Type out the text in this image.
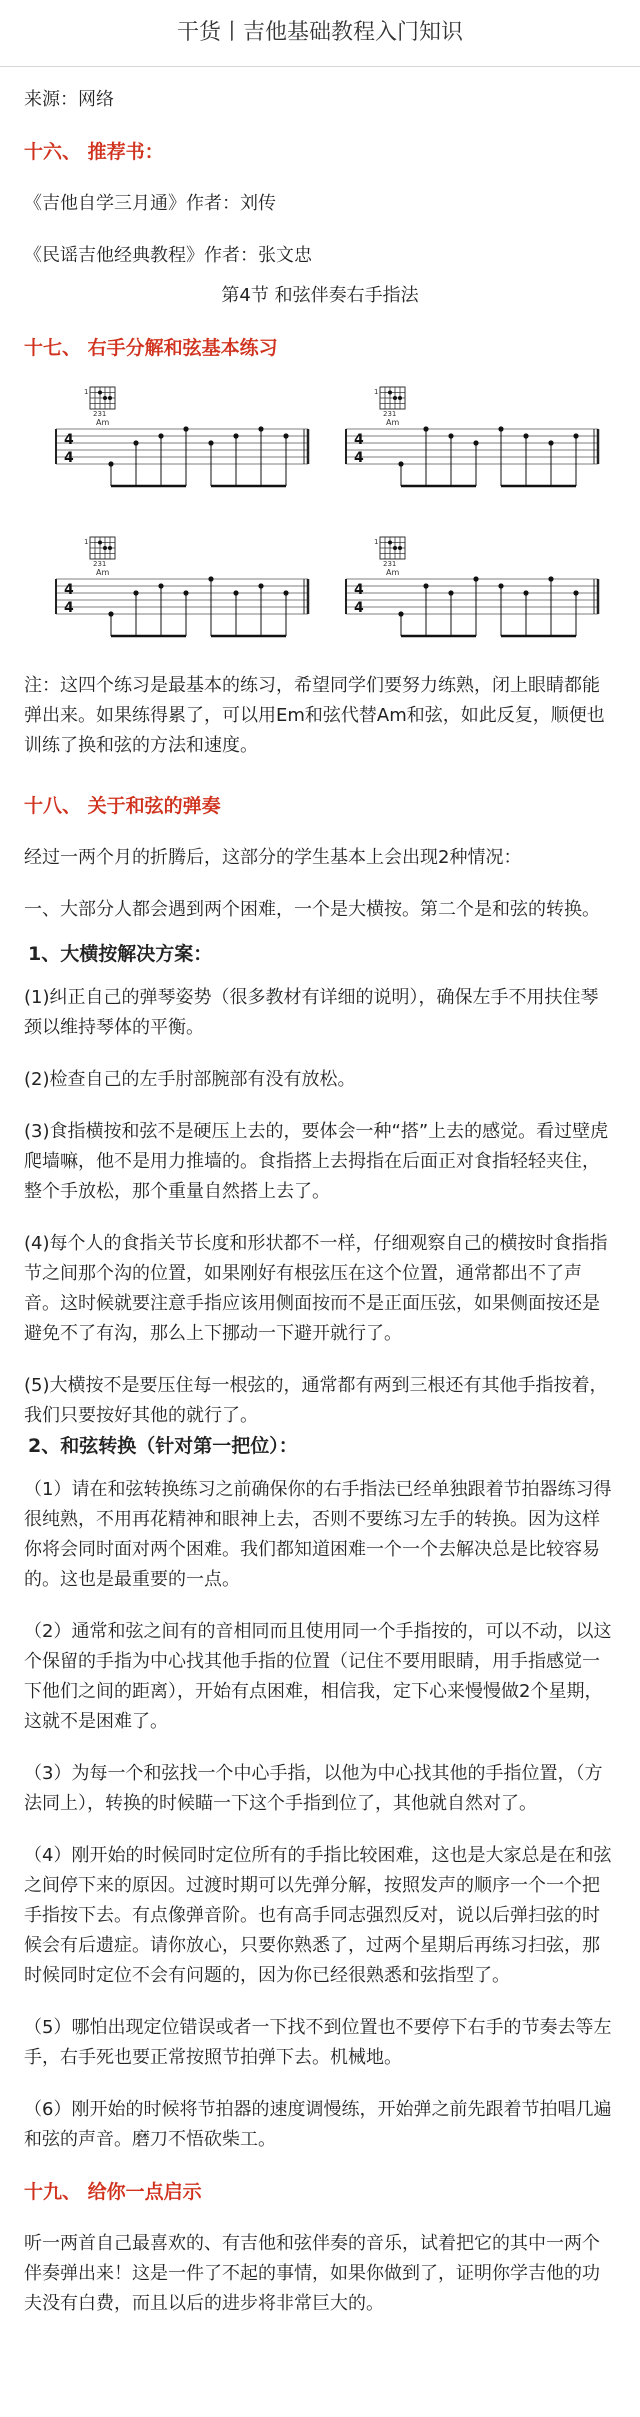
干货丨吉他基础教程入门知识

来源：网络

十六、 推荐书：

《吉他自学三月通》作者：刘传

《民谣吉他经典教程》作者：张文忠

第4节 和弦伴奏右手指法

十七、 右手分解和弦基本练习

1
231
Am
4
4
1
231
Am
4
4
1
231
Am
4
4
1
231
Am
4
4

注：这四个练习是最基本的练习，希望同学们要努力练熟，闭上眼睛都能弹出来。如果练得累了，可以用Em和弦代替Am和弦，如此反复，顺便也训练了换和弦的方法和速度。

十八、 关于和弦的弹奏

经过一两个月的折腾后，这部分的学生基本上会出现2种情况：

一、大部分人都会遇到两个困难，一个是大横按。第二个是和弦的转换。

1、大横按解决方案：

(1)纠正自己的弹琴姿势（很多教材有详细的说明），确保左手不用扶住琴颈以维持琴体的平衡。

(2)检查自己的左手肘部腕部有没有放松。

(3)食指横按和弦不是硬压上去的，要体会一种“搭”上去的感觉。看过壁虎爬墙嘛，他不是用力推墙的。食指搭上去拇指在后面正对食指轻轻夹住，整个手放松，那个重量自然搭上去了。

(4)每个人的食指关节长度和形状都不一样，仔细观察自己的横按时食指指节之间那个沟的位置，如果刚好有根弦压在这个位置，通常都出不了声音。这时候就要注意手指应该用侧面按而不是正面压弦，如果侧面按还是避免不了有沟，那么上下挪动一下避开就行了。

(5)大横按不是要压住每一根弦的，通常都有两到三根还有其他手指按着，我们只要按好其他的就行了。

2、和弦转换（针对第一把位）：

（1）请在和弦转换练习之前确保你的右手指法已经单独跟着节拍器练习得很纯熟，不用再花精神和眼神上去，否则不要练习左手的转换。因为这样你将会同时面对两个困难。我们都知道困难一个一个去解决总是比较容易的。这也是最重要的一点。

（2）通常和弦之间有的音相同而且使用同一个手指按的，可以不动，以这个保留的手指为中心找其他手指的位置（记住不要用眼睛，用手指感觉一下他们之间的距离），开始有点困难，相信我，定下心来慢慢做2个星期，这就不是困难了。

（3）为每一个和弦找一个中心手指，以他为中心找其他的手指位置，（方法同上），转换的时候瞄一下这个手指到位了，其他就自然对了。

（4）刚开始的时候同时定位所有的手指比较困难，这也是大家总是在和弦之间停下来的原因。过渡时期可以先弹分解，按照发声的顺序一个一个把手指按下去。有点像弹音阶。也有高手同志强烈反对，说以后弹扫弦的时候会有后遗症。请你放心，只要你熟悉了，过两个星期后再练习扫弦，那时候同时定位不会有问题的，因为你已经很熟悉和弦指型了。

（5）哪怕出现定位错误或者一下找不到位置也不要停下右手的节奏去等左手，右手死也要正常按照节拍弹下去。机械地。

（6）刚开始的时候将节拍器的速度调慢练，开始弹之前先跟着节拍唱几遍和弦的声音。磨刀不悟砍柴工。

十九、 给你一点启示

听一两首自己最喜欢的、有吉他和弦伴奏的音乐，试着把它的其中一两个伴奏弹出来！这是一件了不起的事情，如果你做到了，证明你学吉他的功夫没有白费，而且以后的进步将非常巨大的。
